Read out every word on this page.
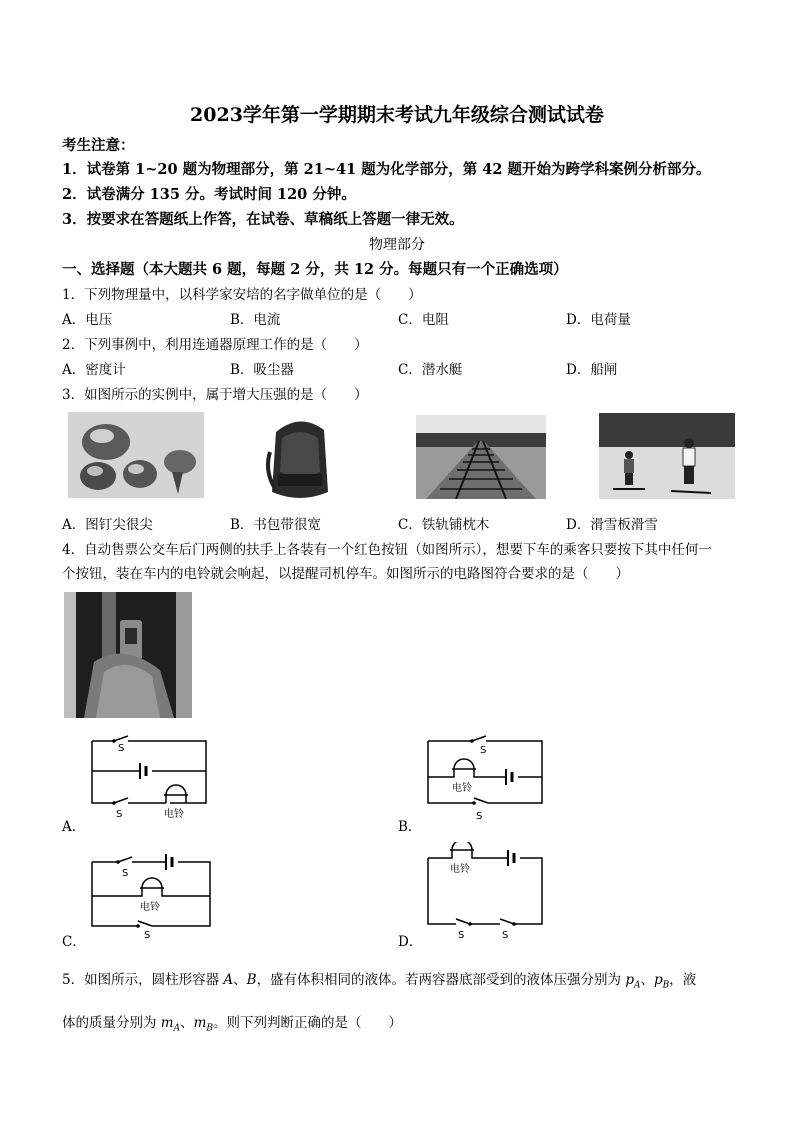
2023学年第一学期期末考试九年级综合测试试卷
考生注意：
1．试卷第 1~20 题为物理部分，第 21~41 题为化学部分，第 42 题开始为跨学科案例分析部分。
2．试卷满分 135 分。考试时间 120 分钟。
3．按要求在答题纸上作答，在试卷、草稿纸上答题一律无效。
物理部分
一、选择题（本大题共 6 题，每题 2 分，共 12 分。每题只有一个正确选项）
1．下列物理量中，以科学家安培的名字做单位的是（　　）
A．电压	B．电流	C．电阻	D．电荷量
2．下列事例中，利用连通器原理工作的是（　　）
A．密度计	B．吸尘器	C．潜水艇	D．船闸
3．如图所示的实例中，属于增大压强的是（　　）
A．图钉尖很尖	B．书包带很宽	C．铁轨铺枕木	D．滑雪板滑雪
4．自动售票公交车后门两侧的扶手上各装有一个红色按钮（如图所示），想要下车的乘客只要按下其中任何一
个按钮，装在车内的电铃就会响起，以提醒司机停车。如图所示的电路图符合要求的是（　　）
A．
S
S	电铃
B．
S
电铃
S
C．
S
电铃
S	D．
电铃
S	S
5．如图所示，圆柱形容器 A、B，盛有体积相同的液体。若两容器底部受到的液体压强分别为 $p_A$、$p_B$，液
体的质量分别为 $m_A$、$m_B$。则下列判断正确的是（　　）
